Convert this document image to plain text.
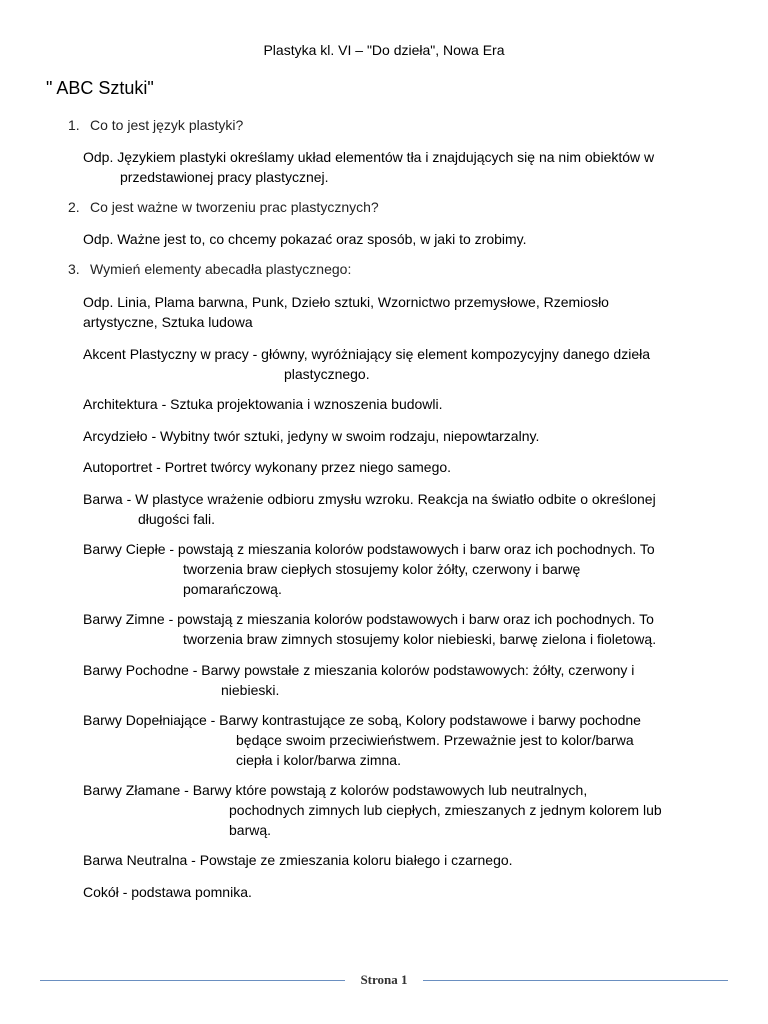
Plastyka kl. VI – "Do dzieła", Nowa Era
" ABC Sztuki"
1. Co to jest język plastyki?
Odp. Językiem plastyki określamy układ elementów tła i znajdujących się na nim obiektów w
przedstawionej pracy plastycznej.
2. Co jest ważne w tworzeniu prac plastycznych?
Odp. Ważne jest to, co chcemy pokazać oraz sposób, w jaki to zrobimy.
3. Wymień elementy abecadła plastycznego:
Odp. Linia, Plama barwna, Punk, Dzieło sztuki, Wzornictwo przemysłowe, Rzemiosło
artystyczne, Sztuka ludowa
Akcent Plastyczny w pracy - główny, wyróżniający się element kompozycyjny danego dzieła
plastycznego.
Architektura - Sztuka projektowania i wznoszenia budowli.
Arcydzieło - Wybitny twór sztuki, jedyny w swoim rodzaju, niepowtarzalny.
Autoportret - Portret twórcy wykonany przez niego samego.
Barwa - W plastyce wrażenie odbioru zmysłu wzroku. Reakcja na światło odbite o określonej
długości fali.
Barwy Ciepłe - powstają z mieszania kolorów podstawowych i barw oraz ich pochodnych. To
tworzenia braw ciepłych stosujemy kolor żółty, czerwony i barwę
pomarańczową.
Barwy Zimne - powstają z mieszania kolorów podstawowych i barw oraz ich pochodnych. To
tworzenia braw zimnych stosujemy kolor niebieski, barwę zielona i fioletową.
Barwy Pochodne - Barwy powstałe z mieszania kolorów podstawowych: żółty, czerwony i
niebieski.
Barwy Dopełniające - Barwy kontrastujące ze sobą, Kolory podstawowe i barwy pochodne
będące swoim przeciwieństwem. Przeważnie jest to kolor/barwa
ciepła i kolor/barwa zimna.
Barwy Złamane - Barwy które powstają z kolorów podstawowych lub neutralnych,
pochodnych zimnych lub ciepłych, zmieszanych z jednym kolorem lub
barwą.
Barwa Neutralna - Powstaje ze zmieszania koloru białego i czarnego.
Cokół - podstawa pomnika.
Strona 1
